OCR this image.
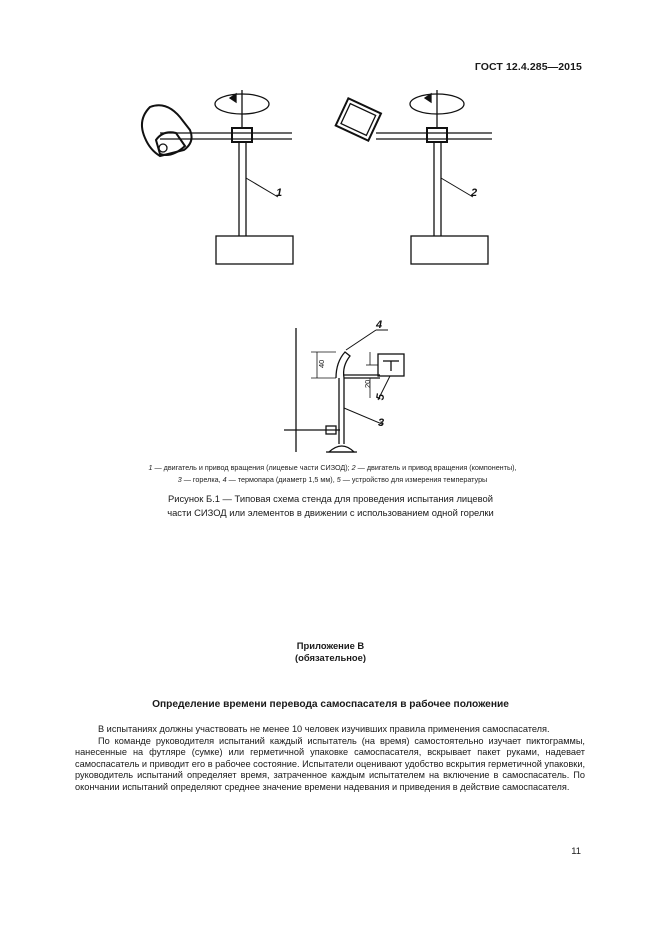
ГОСТ 12.4.285—2015
1	2
4
3
5
40
20
1 — двигатель и привод вращения (лицевые части СИЗОД); 2 — двигатель и привод вращения (компоненты),
3 — горелка, 4 — термопара (диаметр 1,5 мм), 5 — устройство для измерения температуры
Рисунок Б.1 — Типовая схема стенда для проведения испытания лицевой
части СИЗОД или элементов в движении с использованием одной горелки
Приложение В
(обязательное)
Определение времени перевода самоспасателя в рабочее положение

В испытаниях должны участвовать не менее 10 человек изучивших правила применения самоспасателя.

По команде руководителя испытаний каждый испытатель (на время) самостоятельно изучает пиктограммы, нанесенные на футляре (сумке) или герметичной упаковке самоспасателя, вскрывает пакет руками, надевает самоспасатель и приводит его в рабочее состояние. Испытатели оценивают удобство вскрытия герметичной упаковки, руководитель испытаний определяет время, затраченное каждым испытателем на включение в самоспасатель. По окончании испытаний определяют среднее значение времени надевания и приведения в действие самоспасателя.

11
